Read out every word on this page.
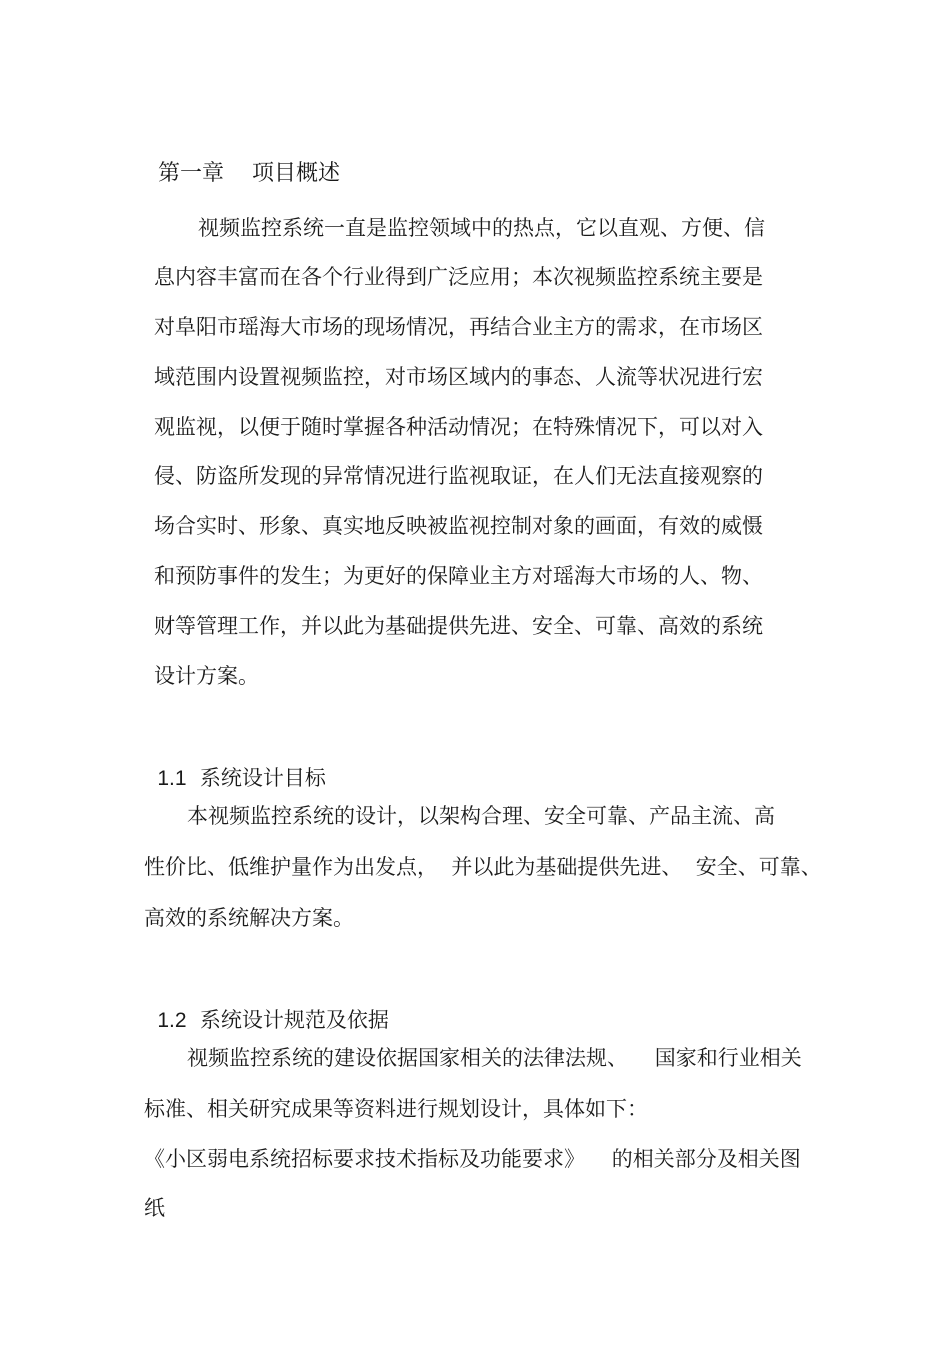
第一章 项目概述

视频监控系统一直是监控领域中的热点，它以直观、方便、信
息内容丰富而在各个行业得到广泛应用；本次视频监控系统主要是
对阜阳市瑶海大市场的现场情况，再结合业主方的需求，在市场区
域范围内设置视频监控，对市场区域内的事态、人流等状况进行宏
观监视，以便于随时掌握各种活动情况；在特殊情况下，可以对入
侵、防盗所发现的异常情况进行监视取证，在人们无法直接观察的
场合实时、形象、真实地反映被监视控制对象的画面，有效的威慑
和预防事件的发生；为更好的保障业主方对瑶海大市场的人、物、
财等管理工作，并以此为基础提供先进、安全、可靠、高效的系统
设计方案。

1.1 系统设计目标

本视频监控系统的设计，以架构合理、安全可靠、产品主流、高
性价比、低维护量作为出发点，  并以此为基础提供先进、  安全、可靠、
高效的系统解决方案。

1.2 系统设计规范及依据

视频监控系统的建设依据国家相关的法律法规、    国家和行业相关
标准、相关研究成果等资料进行规划设计，具体如下：
《小区弱电系统招标要求技术指标及功能要求》    的相关部分及相关图
纸
